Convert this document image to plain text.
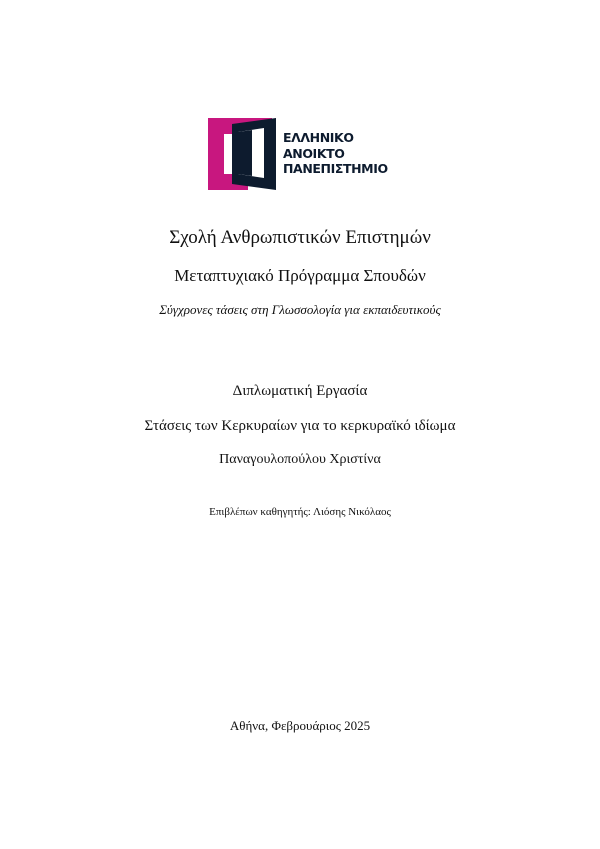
ΕΛΛΗΝΙΚΟ
ΑΝΟΙΚΤΟ
ΠΑΝΕΠΙΣΤΗΜΙΟ
Σχολή Ανθρωπιστικών Επιστημών
Μεταπτυχιακό Πρόγραμμα Σπουδών
Σύγχρονες τάσεις στη Γλωσσολογία για εκπαιδευτικούς
Διπλωματική Εργασία
Στάσεις των Κερκυραίων για το κερκυραϊκό ιδίωμα
Παναγουλοπούλου Χριστίνα
Επιβλέπων καθηγητής: Λιόσης Νικόλαος
Αθήνα, Φεβρουάριος 2025
